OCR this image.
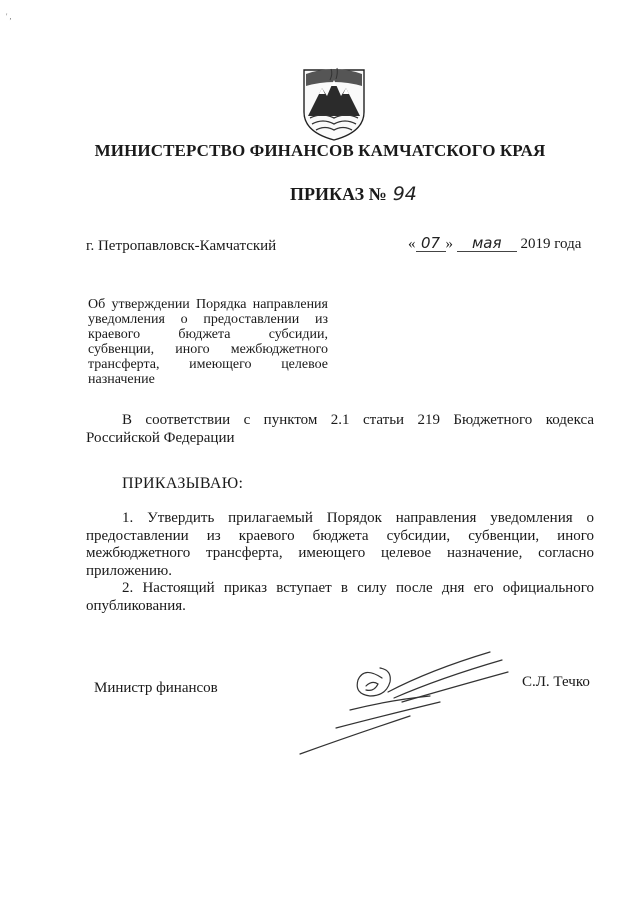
' ,
МИНИСТЕРСТВО ФИНАНСОВ КАМЧАТСКОГО КРАЯ
ПРИКАЗ № 94
г. Петропавловск-Камчатский	« 07 » мая 2019 года
Об утверждении Порядка направления уведомления о предоставлении из краевого бюджета субсидии, субвенции, иного межбюджетного трансферта, имеющего целевое назначение

В соответствии с пунктом 2.1 статьи 219 Бюджетного кодекса Российской Федерации

ПРИКАЗЫВАЮ:

1. Утвердить прилагаемый Порядок направления уведомления о предоставлении из краевого бюджета субсидии, субвенции, иного межбюджетного трансферта, имеющего целевое назначение, согласно приложению.

2. Настоящий приказ вступает в силу после дня его официального опубликования.

Министр финансов	С.Л. Течко
